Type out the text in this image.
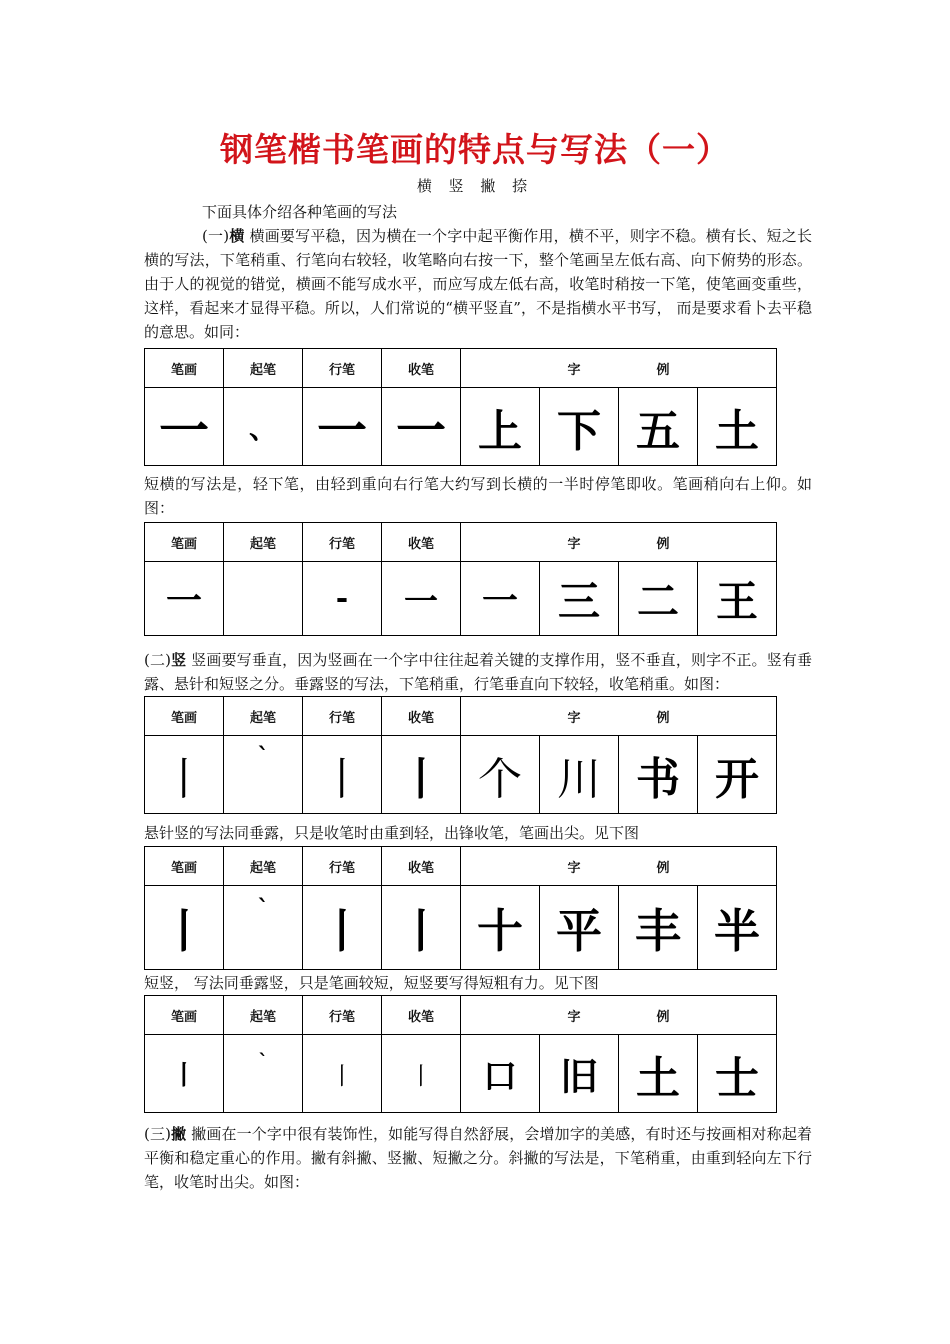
钢笔楷书笔画的特点与写法（一）
横 竖 撇 捺

下面具体介绍各种笔画的写法

(一)横 横画要写平稳，因为横在一个字中起平衡作用，横不平，则字不稳。横有长、短之长横的写法，下笔稍重、行笔向右较轻，收笔略向右按一下，整个笔画呈左低右高、向下俯势的形态。由于人的视觉的错觉，横画不能写成水平，而应写成左低右高，收笔时稍按一下笔，使笔画变重些，这样，看起来才显得平稳。所以，人们常说的“横平竖直”，不是指横水平书写， 而是要求看卜去平稳的意思。如同：

笔画	起笔	行笔	收笔	字 例			
一	、	一	一	上	下	五	土

短横的写法是，轻下笔，由轻到重向右行笔大约写到长横的一半时停笔即收。笔画稍向右上仰。如图：

笔画	起笔	行笔	收笔	字 例			
一		-	一	一	三	二	王

(二)竖 竖画要写垂直，因为竖画在一个字中往往起着关键的支撑作用，竖不垂直，则字不正。竖有垂露、悬针和短竖之分。垂露竖的写法，下笔稍重，行笔垂直向下较轻，收笔稍重。如图：

笔画	起笔	行笔	收笔	字 例			
丨	`	丨	丨	个	川	书	开

悬针竖的写法同垂露，只是收笔时由重到轻，出锋收笔，笔画出尖。见下图

笔画	起笔	行笔	收笔	字 例			
丨	`	丨	丨	十	平	丰	半

短竖， 写法同垂露竖，只是笔画较短，短竖要写得短粗有力。见下图

笔画	起笔	行笔	收笔	字 例			
丨	`	丨	丨	口	旧	土	士

(三)撇 撇画在一个字中很有装饰性，如能写得自然舒展，会增加字的美感，有时还与按画相对称起着平衡和稳定重心的作用。撇有斜撇、竖撇、短撇之分。斜撇的写法是，下笔稍重，由重到轻向左下行笔，收笔时出尖。如图：
